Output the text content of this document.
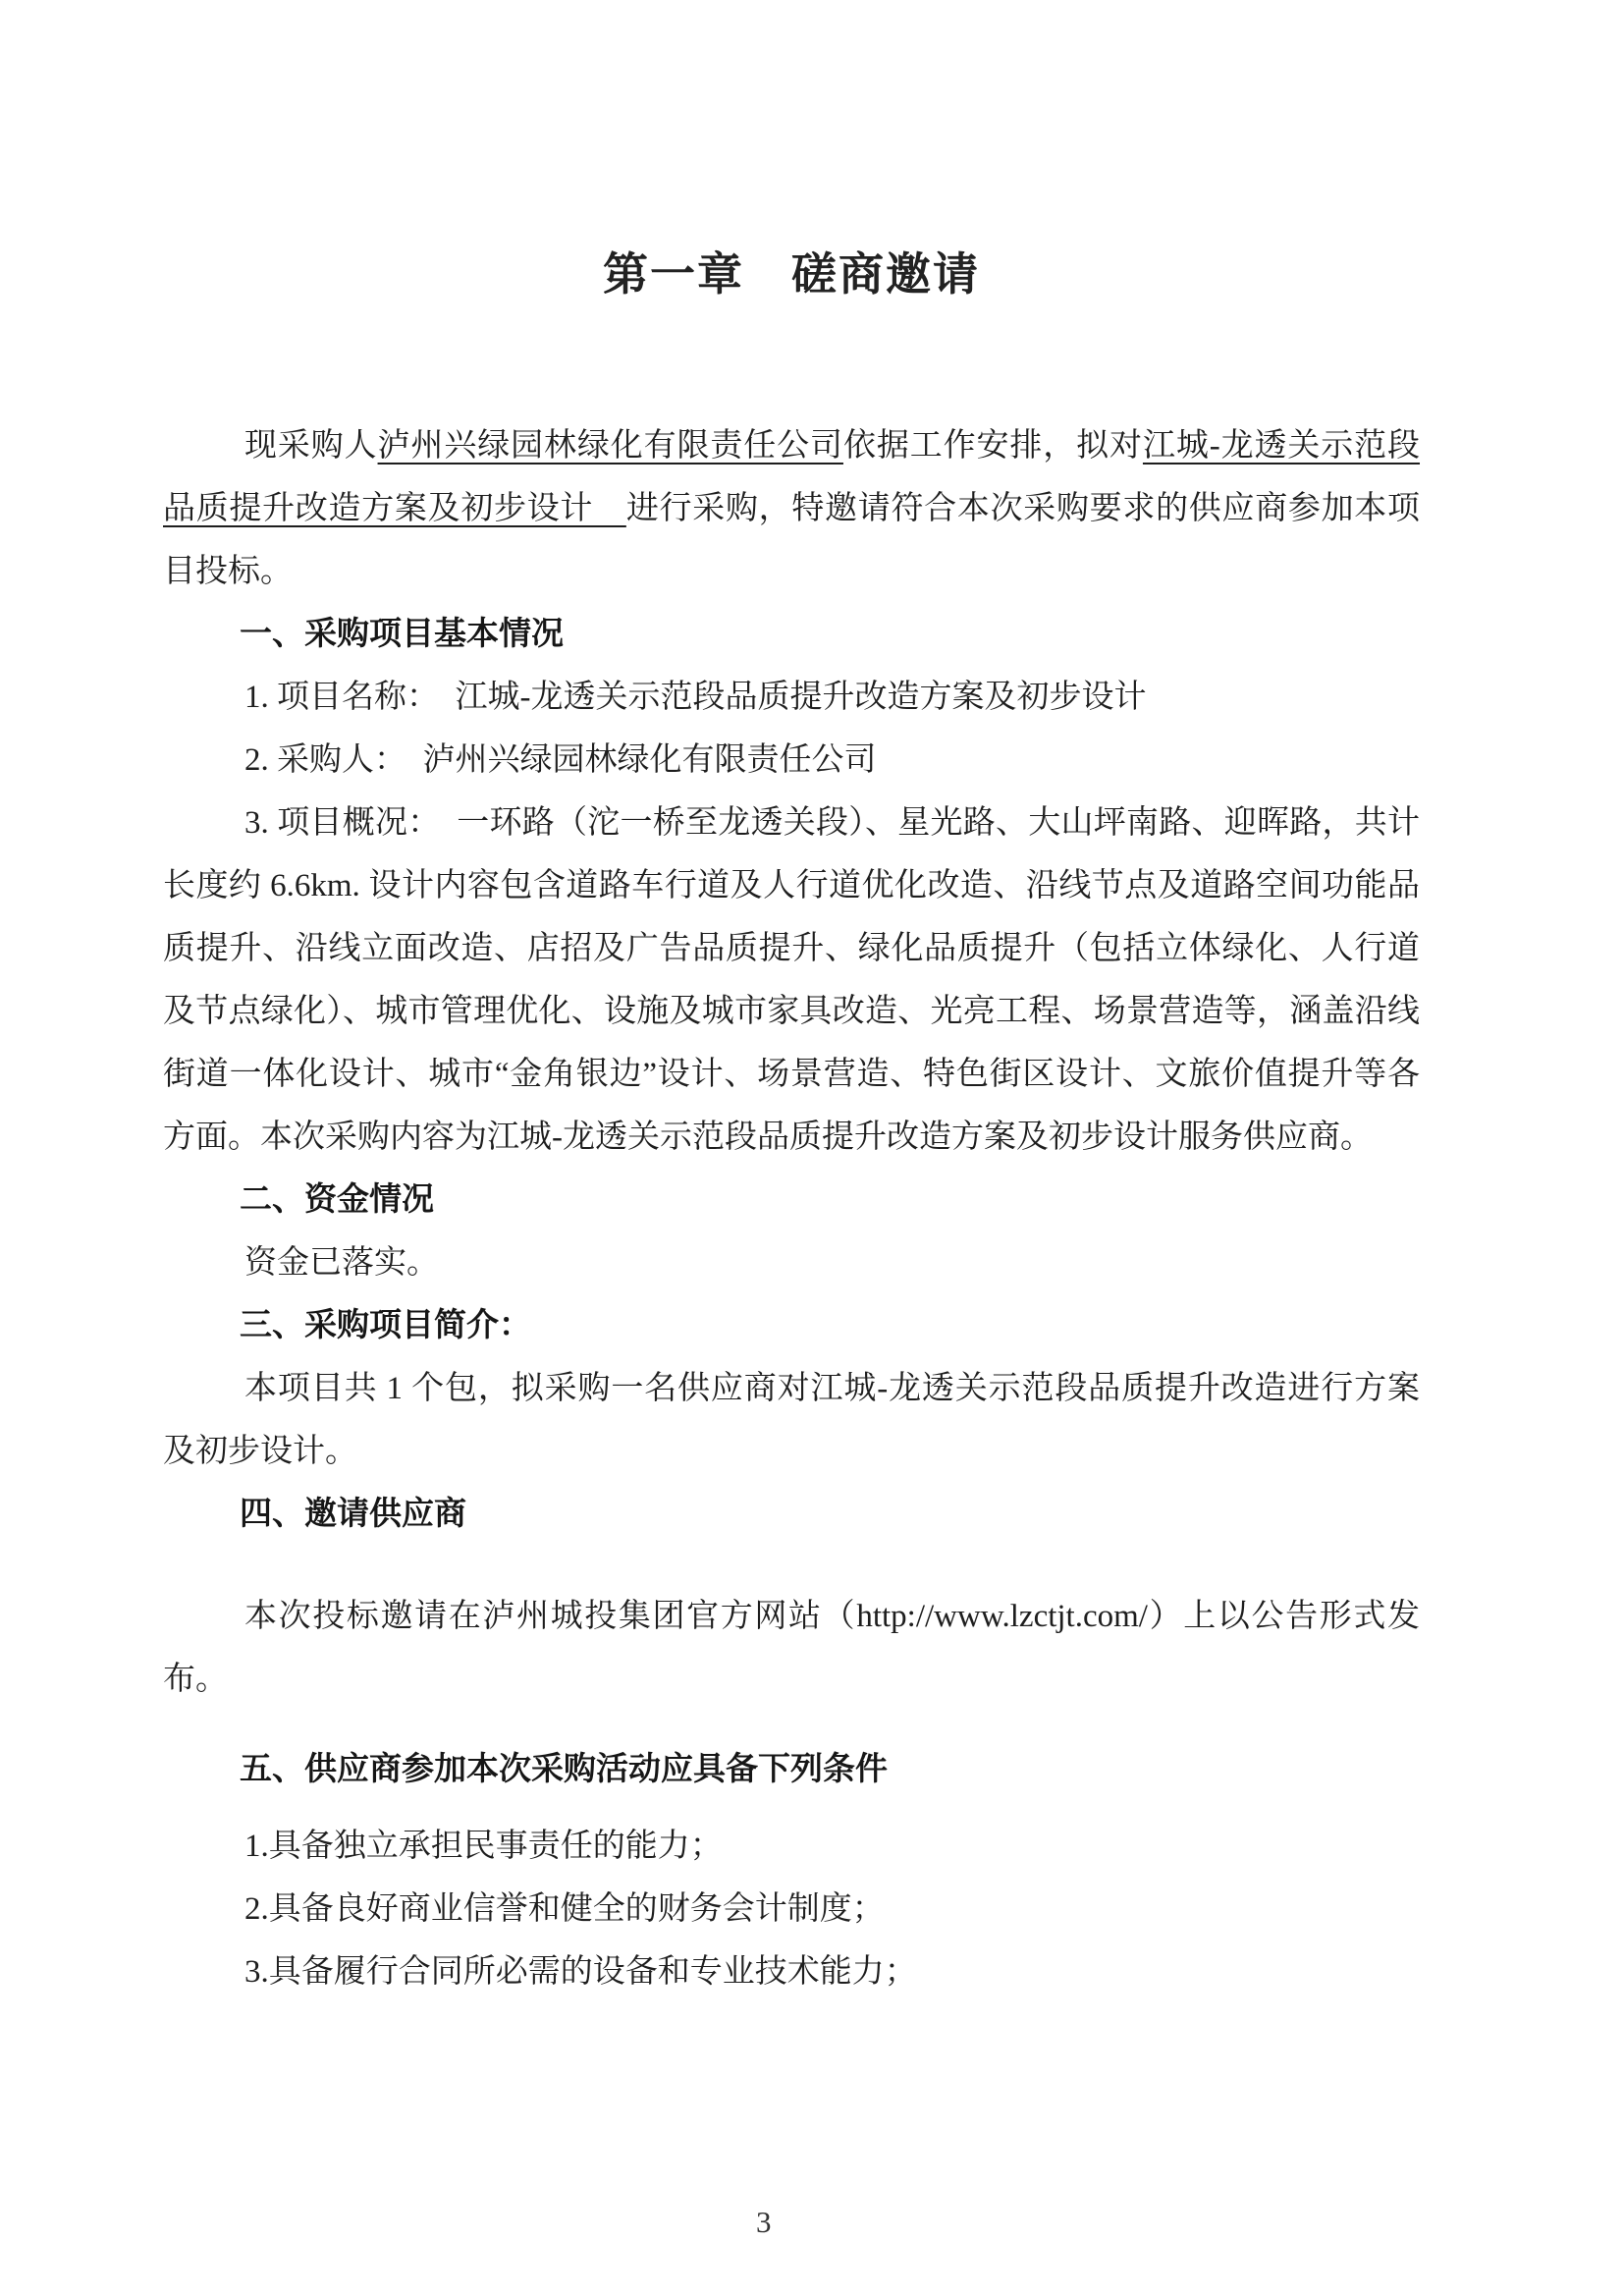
第一章　磋商邀请

现采购人泸州兴绿园林绿化有限责任公司依据工作安排，拟对江城-龙透关示范段品质提升改造方案及初步设计　进行采购，特邀请符合本次采购要求的供应商参加本项目投标。

一、采购项目基本情况

1. 项目名称：　江城-龙透关示范段品质提升改造方案及初步设计

2. 采购人：　泸州兴绿园林绿化有限责任公司

3. 项目概况：　一环路（沱一桥至龙透关段）、星光路、大山坪南路、迎晖路，共计长度约 6.6km. 设计内容包含道路车行道及人行道优化改造、沿线节点及道路空间功能品质提升、沿线立面改造、店招及广告品质提升、绿化品质提升（包括立体绿化、人行道及节点绿化）、城市管理优化、设施及城市家具改造、光亮工程、场景营造等，涵盖沿线街道一体化设计、城市“金角银边”设计、场景营造、特色街区设计、文旅价值提升等各方面。本次采购内容为江城-龙透关示范段品质提升改造方案及初步设计服务供应商。

二、资金情况

资金已落实。

三、采购项目简介：

本项目共 1 个包，拟采购一名供应商对江城-龙透关示范段品质提升改造进行方案及初步设计。

四、邀请供应商

本次投标邀请在泸州城投集团官方网站（http://www.lzctjt.com/）上以公告形式发布。

五、供应商参加本次采购活动应具备下列条件

1.具备独立承担民事责任的能力；

2.具备良好商业信誉和健全的财务会计制度；

3.具备履行合同所必需的设备和专业技术能力；

3
